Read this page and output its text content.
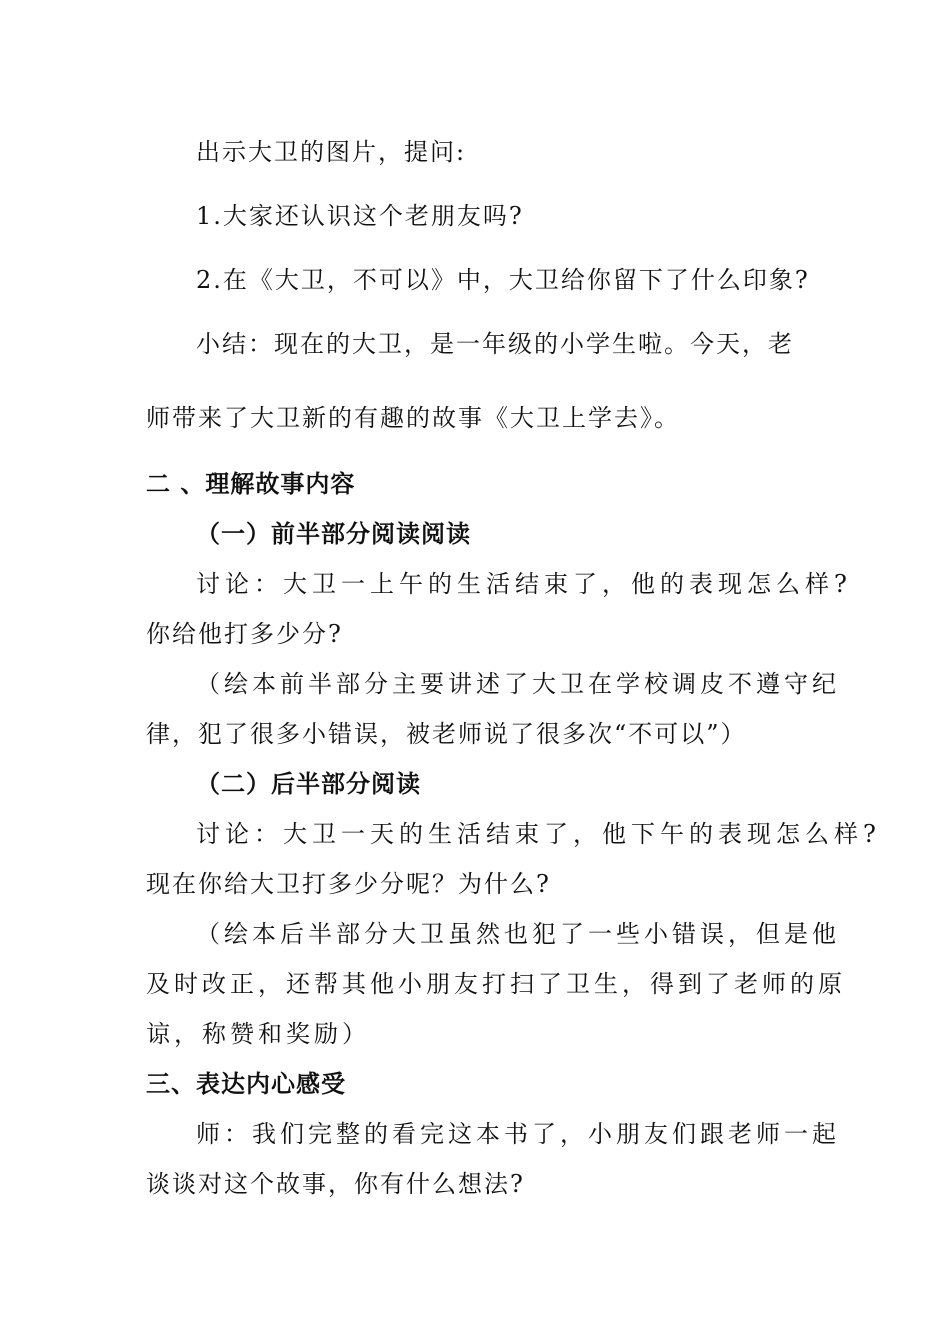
出示大卫的图片，提问:

1.大家还认识这个老朋友吗?

2.在《大卫，不可以》中，大卫给你留下了什么印象?

小结：现在的大卫，是一年级的小学生啦。今天，老

师带来了大卫新的有趣的故事《大卫上学去》。

二 、理解故事内容

（一）前半部分阅读阅读

讨论：大卫一上午的生活结束了，他的表现怎么样?

你给他打多少分?

（绘本前半部分主要讲述了大卫在学校调皮不遵守纪

律，犯了很多小错误，被老师说了很多次“不可以”）

（二）后半部分阅读

讨论：大卫一天的生活结束了，他下午的表现怎么样?

现在你给大卫打多少分呢？为什么?

（绘本后半部分大卫虽然也犯了一些小错误，但是他

及时改正，还帮其他小朋友打扫了卫生，得到了老师的原

谅，称赞和奖励）

三、表达内心感受

师：我们完整的看完这本书了，小朋友们跟老师一起

谈谈对这个故事，你有什么想法?
